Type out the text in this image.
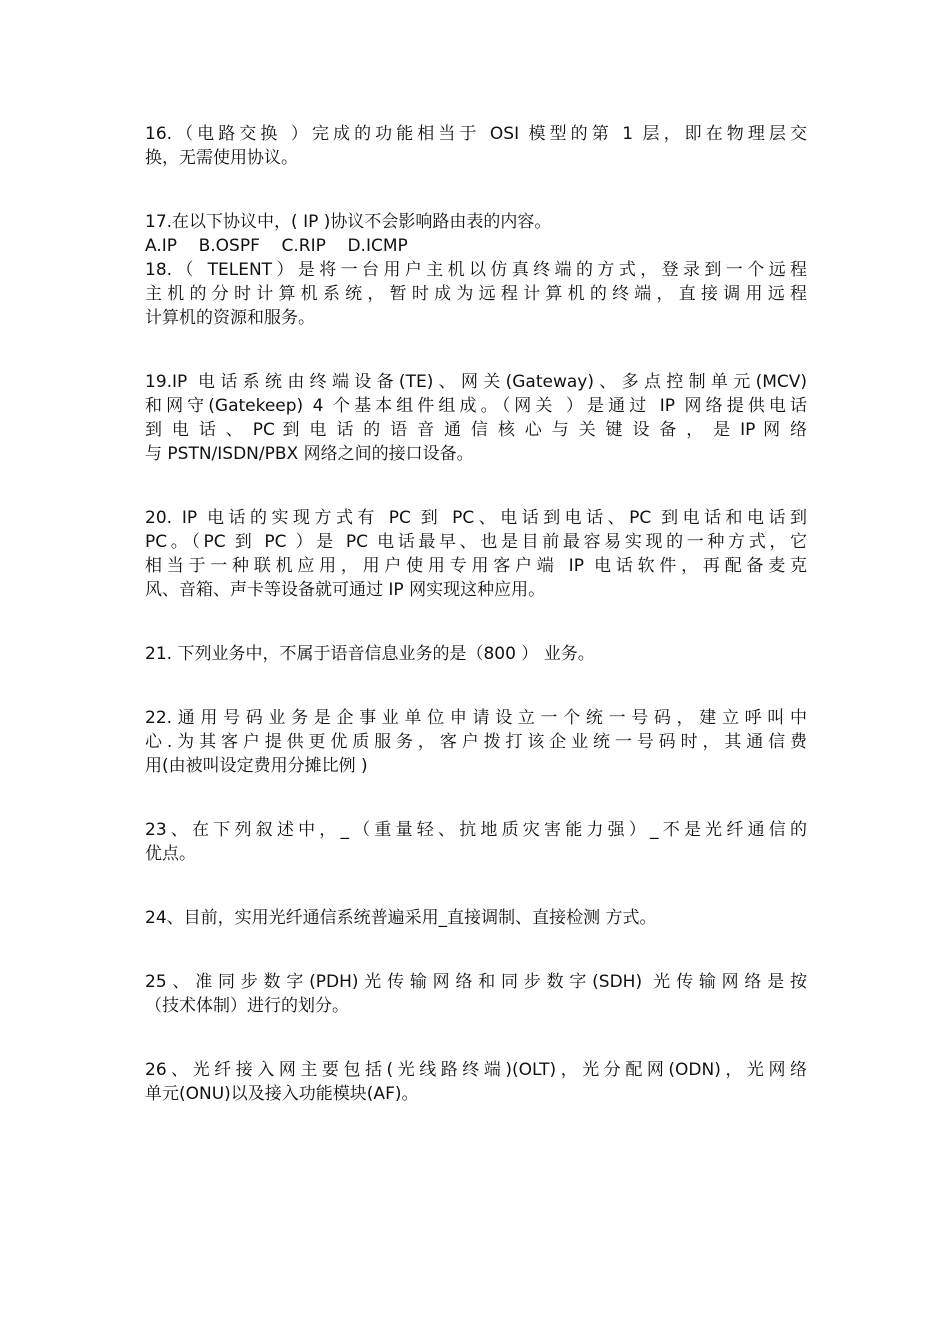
16.（电路交换 ）完成的功能相当于 OSI 模型的第 1 层，即在物理层交
换，无需使用协议。

17.在以下协议中，( IP )协议不会影响路由表的内容。
A.IP    B.OSPF    C.RIP    D.ICMP

18.（ TELENT）是将一台用户主机以仿真终端的方式，登录到一个远程
主机的分时计算机系统，暂时成为远程计算机的终端，直接调用远程
计算机的资源和服务。

19.IP 电话系统由终端设备(TE)、网关(Gateway)、多点控制单元(MCV)
和网守(Gatekeep) 4 个基本组件组成。（网关 ）是通过 IP 网络提供电话
到 电 话 、 PC 到 电 话 的 语 音 通 信 核 心 与 关 键 设 备 ， 是 IP 网 络
与 PSTN/ISDN/PBX 网络之间的接口设备。

20. IP 电话的实现方式有 PC 到 PC、电话到电话、PC 到电话和电话到
PC。（PC 到 PC ）是 PC 电话最早、也是目前最容易实现的一种方式，它
相当于一种联机应用，用户使用专用客户端 IP 电话软件，再配备麦克
风、音箱、声卡等设备就可通过 IP 网实现这种应用。

21. 下列业务中，不属于语音信息业务的是（800 ） 业务。

22.通用号码业务是企事业单位申请设立一个统一号码，建立呼叫中
心.为其客户提供更优质服务，客户拨打该企业统一号码时，其通信费
用(由被叫设定费用分摊比例 )

23、在下列叙述中，_（重量轻、抗地质灾害能力强）_不是光纤通信的
优点。

24、目前，实用光纤通信系统普遍采用_直接调制、直接检测 方式。

25、准同步数字(PDH)光传输网络和同步数字(SDH) 光传输网络是按
（技术体制）进行的划分。

26、光纤接入网主要包括(光线路终端)(OLT)，光分配网(ODN)，光网络
单元(ONU)以及接入功能模块(AF)。
